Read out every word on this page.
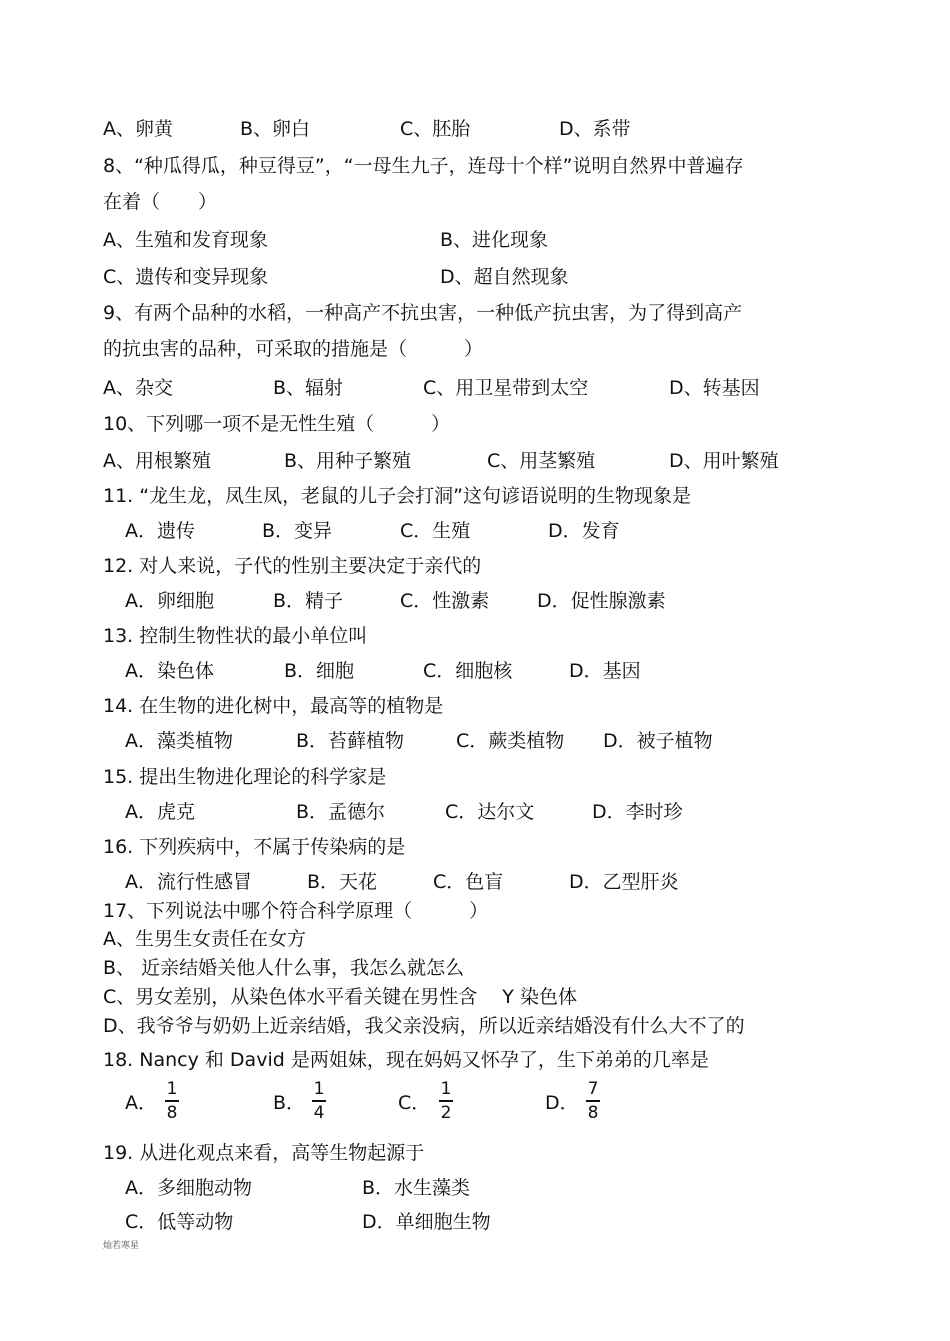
A、卵黄	B、卵白	C、胚胎	D、系带
8、“种瓜得瓜，种豆得豆”，“一母生九子，连母十个样”说明自然界中普遍存
在着（　　）
A、生殖和发育现象	B、进化现象
C、遗传和变异现象	D、超自然现象
9、有两个品种的水稻，一种高产不抗虫害，一种低产抗虫害，为了得到高产
的抗虫害的品种，可采取的措施是（　　　）
A、杂交	B、辐射	C、用卫星带到太空	D、转基因
10、下列哪一项不是无性生殖（　　　）
A、用根繁殖	B、用种子繁殖	C、用茎繁殖	D、用叶繁殖
11. “龙生龙，凤生凤，老鼠的儿子会打洞”这句谚语说明的生物现象是
A．遗传	B．变异	C．生殖	D．发育
12. 对人来说，子代的性别主要决定于亲代的
A．卵细胞	B．精子	C．性激素	D．促性腺激素
13. 控制生物性状的最小单位叫
A．染色体	B．细胞	C．细胞核	D．基因
14. 在生物的进化树中，最高等的植物是
A．藻类植物	B．苔藓植物	C．蕨类植物 D．被子植物
15. 提出生物进化理论的科学家是
A．虎克	B．孟德尔	C．达尔文	D．李时珍
16. 下列疾病中，不属于传染病的是
A．流行性感冒	B．天花	C．色盲	D．乙型肝炎
17、下列说法中哪个符合科学原理（　　　）
A、生男生女责任在女方
B、 近亲结婚关他人什么事，我怎么就怎么
C、男女差别，从染色体水平看关键在男性含　 Y 染色体
D、我爷爷与奶奶上近亲结婚，我父亲没病，所以近亲结婚没有什么大不了的
18. Nancy 和 David 是两姐妹，现在妈妈又怀孕了，生下弟弟的几率是
A．
1
8	B．
1
4	C．
1
2	D．
7
8
19. 从进化观点来看，高等生物起源于
A．多细胞动物	B．水生藻类
C．低等动物	D．单细胞生物
灿若寒星
